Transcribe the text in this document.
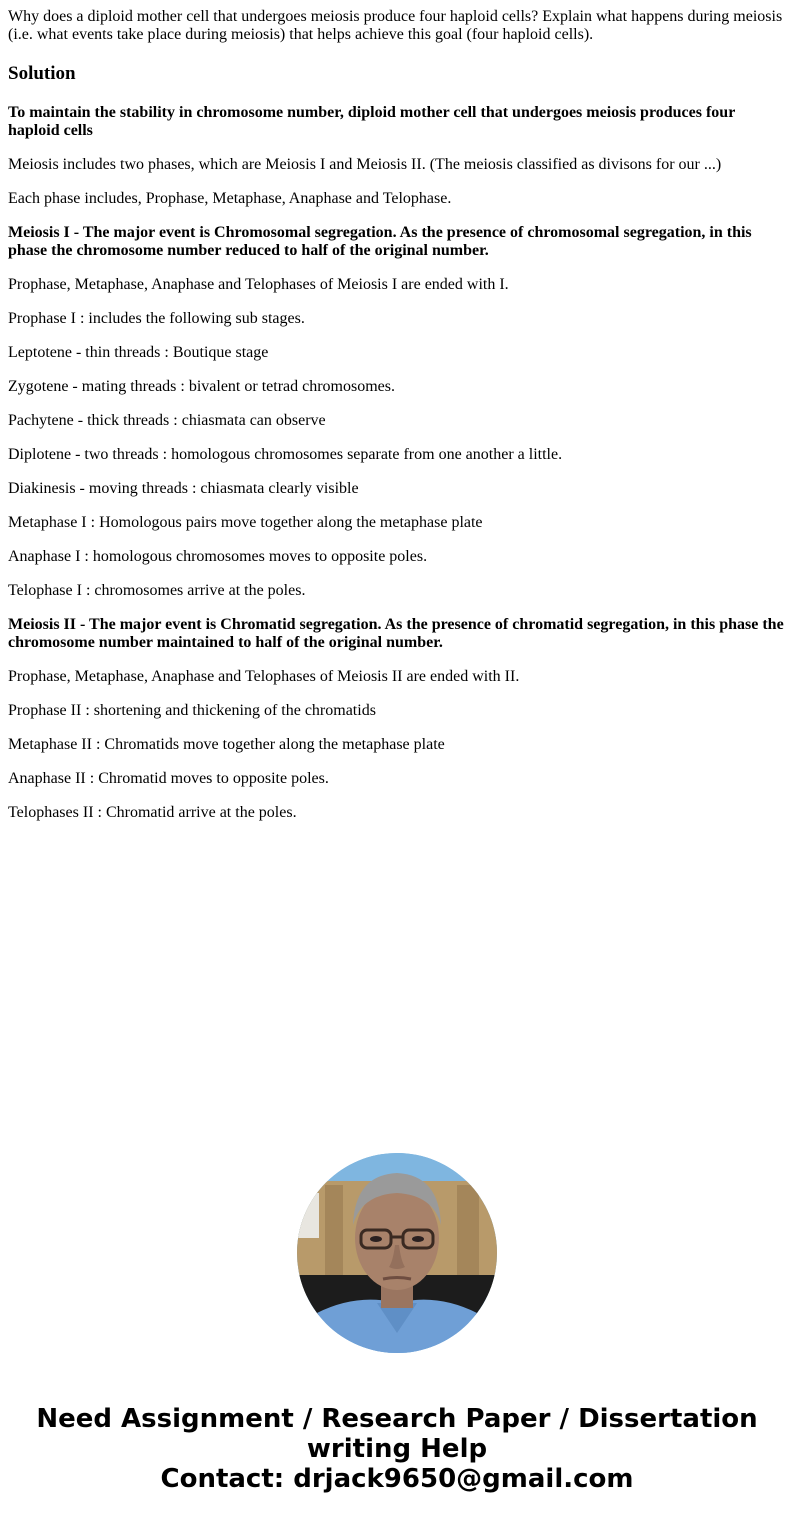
Why does a diploid mother cell that undergoes meiosis produce four haploid cells? Explain what happens during meiosis (i.e. what events take place during meiosis) that helps achieve this goal (four haploid cells).
Solution

To maintain the stability in chromosome number, diploid mother cell that undergoes meiosis produces four haploid cells

Meiosis includes two phases, which are Meiosis I and Meiosis II. (The meiosis classified as divisons for our ...)

Each phase includes, Prophase, Metaphase, Anaphase and Telophase.

Meiosis I - The major event is Chromosomal segregation. As the presence of chromosomal segregation, in this phase the chromosome number reduced to half of the original number.

Prophase, Metaphase, Anaphase and Telophases of Meiosis I are ended with I.

Prophase I : includes the following sub stages.

Leptotene - thin threads : Boutique stage

Zygotene - mating threads : bivalent or tetrad chromosomes.

Pachytene - thick threads : chiasmata can observe

Diplotene - two threads : homologous chromosomes separate from one another a little.

Diakinesis - moving threads : chiasmata clearly visible

Metaphase I : Homologous pairs move together along the metaphase plate

Anaphase I : homologous chromosomes moves to opposite poles.

Telophase I : chromosomes arrive at the poles.

Meiosis II - The major event is Chromatid segregation. As the presence of chromatid segregation, in this phase the chromosome number maintained to half of the original number.

Prophase, Metaphase, Anaphase and Telophases of Meiosis II are ended with II.

Prophase II : shortening and thickening of the chromatids

Metaphase II : Chromatids move together along the metaphase plate

Anaphase II : Chromatid moves to opposite poles.

Telophases II : Chromatid arrive at the poles.

Need Assignment / Research Paper / Dissertation
writing Help
Contact: drjack9650@gmail.com
